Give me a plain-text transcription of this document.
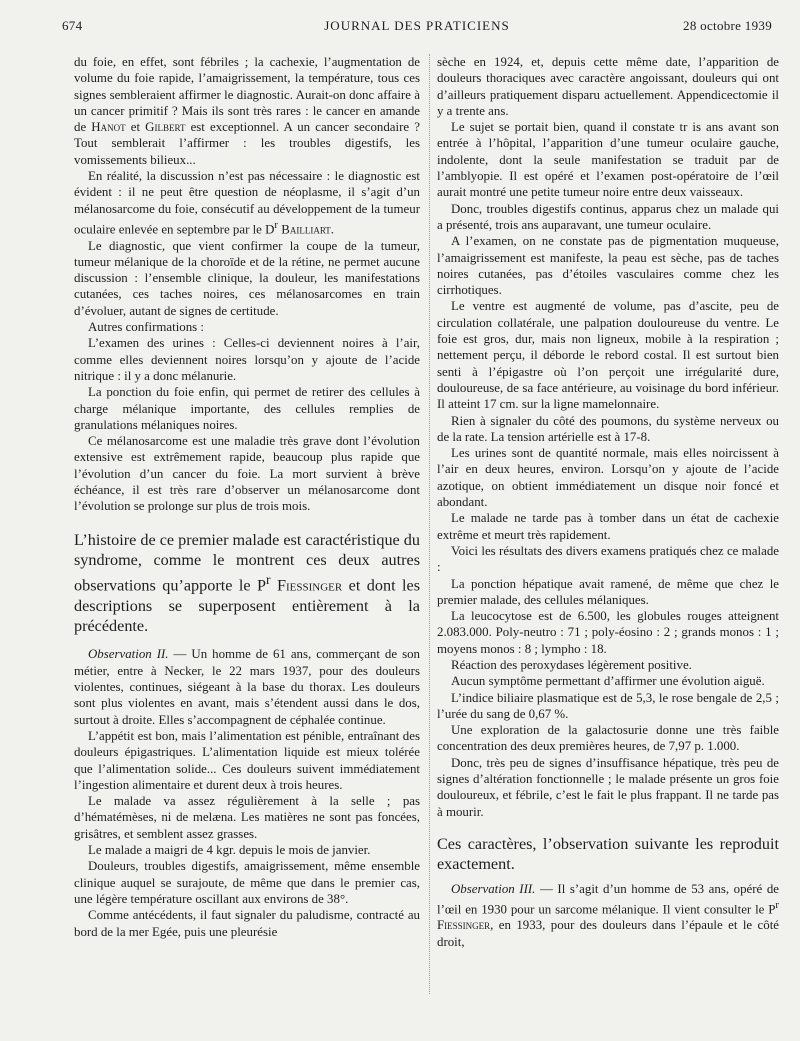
674	JOURNAL DES PRATICIENS	28 octobre 1939

du foie, en effet, sont fébriles ; la cachexie, l’augmentation de volume du foie rapide, l’amaigrissement, la température, tous ces signes sembleraient affirmer le diagnostic. Aurait-on donc affaire à un cancer primitif ? Mais ils sont très rares : le cancer en amande de Hanot et Gilbert est exceptionnel. A un cancer secondaire ? Tout semblerait l’affirmer : les troubles digestifs, les vomissements bilieux...

En réalité, la discussion n’est pas nécessaire : le diagnostic est évident : il ne peut être question de néoplasme, il s’agit d’un mélanosarcome du foie, consécutif au développement de la tumeur oculaire enlevée en septembre par le $D^r$ Bailliart.

Le diagnostic, que vient confirmer la coupe de la tumeur, tumeur mélanique de la choroïde et de la rétine, ne permet aucune discussion : l’ensemble clinique, la douleur, les manifestations cutanées, ces taches noires, ces mélanosarcomes en train d’évoluer, autant de signes de certitude.

Autres confirmations :

L’examen des urines : Celles-ci deviennent noires à l’air, comme elles deviennent noires lorsqu’on y ajoute de l’acide nitrique : il y a donc mélanurie.

La ponction du foie enfin, qui permet de retirer des cellules à charge mélanique importante, des cellules remplies de granulations mélaniques noires.

Ce mélanosarcome est une maladie très grave dont l’évolution extensive est extrêmement rapide, beaucoup plus rapide que l’évolution d’un cancer du foie. La mort survient à brève échéance, il est très rare d’observer un mélanosarcome dont l’évolution se prolonge sur plus de trois mois.

L’histoire de ce premier malade est caractéristique du syndrome, comme le montrent ces deux autres observations qu’apporte le $P^r$ Fiessinger et dont les descriptions se superposent entièrement à la précédente.

Observation II. — Un homme de 61 ans, commerçant de son métier, entre à Necker, le 22 mars 1937, pour des douleurs violentes, continues, siégeant à la base du thorax. Les douleurs sont plus violentes en avant, mais s’étendent aussi dans le dos, surtout à droite. Elles s’accompagnent de céphalée continue.

L’appétit est bon, mais l’alimentation est pénible, entraînant des douleurs épigastriques. L’alimentation liquide est mieux tolérée que l’alimentation solide... Ces douleurs suivent immédiatement l’ingestion alimentaire et durent deux à trois heures.

Le malade va assez régulièrement à la selle ; pas d’hématémèses, ni de melæna. Les matières ne sont pas foncées, grisâtres, et semblent assez grasses.

Le malade a maigri de 4 kgr. depuis le mois de janvier.

Douleurs, troubles digestifs, amaigrissement, même ensemble clinique auquel se surajoute, de même que dans le premier cas, une légère température oscillant aux environs de 38°.

Comme antécédents, il faut signaler du paludisme, contracté au bord de la mer Egée, puis une pleurésie

sèche en 1924, et, depuis cette même date, l’apparition de douleurs thoraciques avec caractère angoissant, douleurs qui ont d’ailleurs pratiquement disparu actuellement. Appendicectomie il y a trente ans.

Le sujet se portait bien, quand il constate tr is ans avant son entrée à l’hôpital, l’apparition d’une tumeur oculaire gauche, indolente, dont la seule manifestation se traduit par de l’amblyopie. Il est opéré et l’examen post-opératoire de l’œil aurait montré une petite tumeur noire entre deux vaisseaux.

Donc, troubles digestifs continus, apparus chez un malade qui a présenté, trois ans auparavant, une tumeur oculaire.

A l’examen, on ne constate pas de pigmentation muqueuse, l’amaigrissement est manifeste, la peau est sèche, pas de taches noires cutanées, pas d’étoiles vasculaires comme chez les cirrhotiques.

Le ventre est augmenté de volume, pas d’ascite, peu de circulation collatérale, une palpation douloureuse du ventre. Le foie est gros, dur, mais non ligneux, mobile à la respiration ; nettement perçu, il déborde le rebord costal. Il est surtout bien senti à l’épigastre où l’on perçoit une irrégularité dure, douloureuse, de sa face antérieure, au voisinage du bord inférieur. Il atteint 17 cm. sur la ligne mamelonnaire.

Rien à signaler du côté des poumons, du système nerveux ou de la rate. La tension artérielle est à 17-8.

Les urines sont de quantité normale, mais elles noircissent à l’air en deux heures, environ. Lorsqu’on y ajoute de l’acide azotique, on obtient immédiatement un disque noir foncé et abondant.

Le malade ne tarde pas à tomber dans un état de cachexie extrême et meurt très rapidement.

Voici les résultats des divers examens pratiqués chez ce malade :

La ponction hépatique avait ramené, de même que chez le premier malade, des cellules mélaniques.

La leucocytose est de 6.500, les globules rouges atteignent 2.083.000. Poly-neutro : 71 ; poly-éosino : 2 ; grands monos : 1 ; moyens monos : 8 ; lympho : 18.

Réaction des peroxydases légèrement positive.

Aucun symptôme permettant d’affirmer une évolution aiguë.

L’indice biliaire plasmatique est de 5,3, le rose bengale de 2,5 ; l’urée du sang de 0,67 %.

Une exploration de la galactosurie donne une très faible concentration des deux premières heures, de 7,97 p. 1.000.

Donc, très peu de signes d’insuffisance hépatique, très peu de signes d’altération fonctionnelle ; le malade présente un gros foie douloureux, et fébrile, c’est le fait le plus frappant. Il ne tarde pas à mourir.

Ces caractères, l’observation suivante les reproduit exactement.

Observation III. — Il s’agit d’un homme de 53 ans, opéré de l’œil en 1930 pour un sarcome mélanique. Il vient consulter le $P^r$ Fiessinger, en 1933, pour des douleurs dans l’épaule et le côté droit,
